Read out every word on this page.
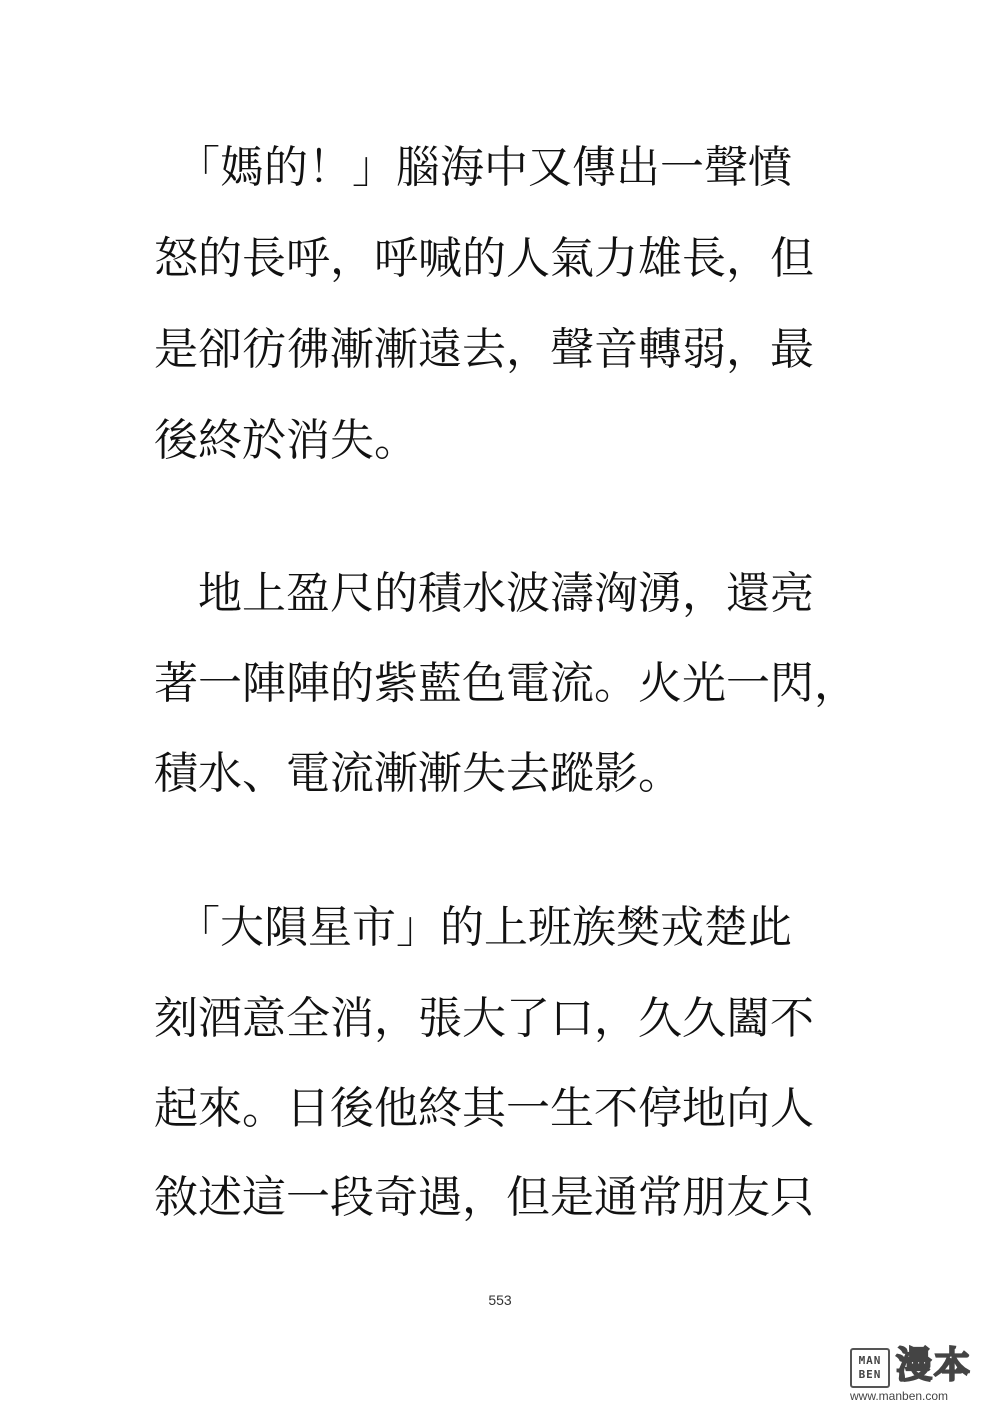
　「媽的！」腦海中又傳出一聲憤
怒的長呼，呼喊的人氣力雄長，但
是卻彷彿漸漸遠去，聲音轉弱，最
後終於消失。
　地上盈尺的積水波濤洶湧，還亮
著一陣陣的紫藍色電流。火光一閃，
積水、電流漸漸失去蹤影。
　「大隕星市」的上班族樊戎楚此
刻酒意全消，張大了口，久久闔不
起來。日後他終其一生不停地向人
敘述這一段奇遇，但是通常朋友只
553
MAN
BEN 漫本
www.manben.com
